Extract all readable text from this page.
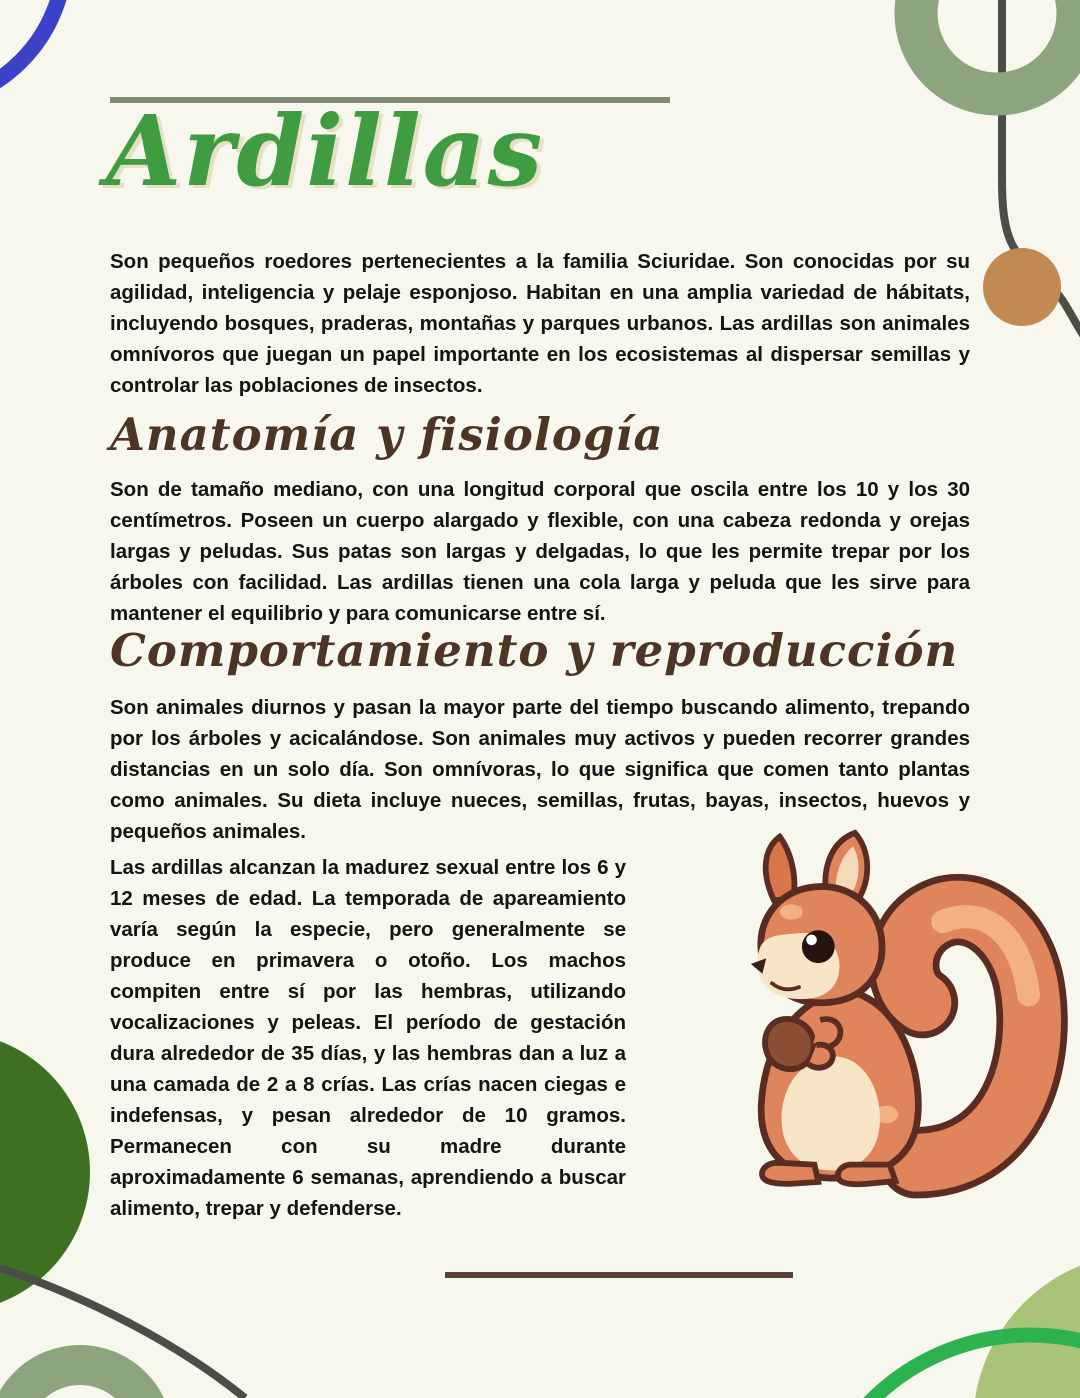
Ardillas

Son pequeños roedores pertenecientes a la familia Sciuridae. Son conocidas por su agilidad, inteligencia y pelaje esponjoso. Habitan en una amplia variedad de hábitats, incluyendo bosques, praderas, montañas y parques urbanos. Las ardillas son animales omnívoros que juegan un papel importante en los ecosistemas al dispersar semillas y controlar las poblaciones de insectos.

Anatomía y fisiología

Son de tamaño mediano, con una longitud corporal que oscila entre los 10 y los 30 centímetros. Poseen un cuerpo alargado y flexible, con una cabeza redonda y orejas largas y peludas. Sus patas son largas y delgadas, lo que les permite trepar por los árboles con facilidad. Las ardillas tienen una cola larga y peluda que les sirve para mantener el equilibrio y para comunicarse entre sí.

Comportamiento y reproducción

Son animales diurnos y pasan la mayor parte del tiempo buscando alimento, trepando por los árboles y acicalándose. Son animales muy activos y pueden recorrer grandes distancias en un solo día. Son omnívoras, lo que significa que comen tanto plantas como animales. Su dieta incluye nueces, semillas, frutas, bayas, insectos, huevos y pequeños animales.

Las ardillas alcanzan la madurez sexual entre los 6 y 12 meses de edad. La temporada de apareamiento varía según la especie, pero generalmente se produce en primavera o otoño. Los machos compiten entre sí por las hembras, utilizando vocalizaciones y peleas. El período de gestación dura alrededor de 35 días, y las hembras dan a luz a una camada de 2 a 8 crías. Las crías nacen ciegas e indefensas, y pesan alrededor de 10 gramos. Permanecen con su madre durante aproximadamente 6 semanas, aprendiendo a buscar alimento, trepar y defenderse.
